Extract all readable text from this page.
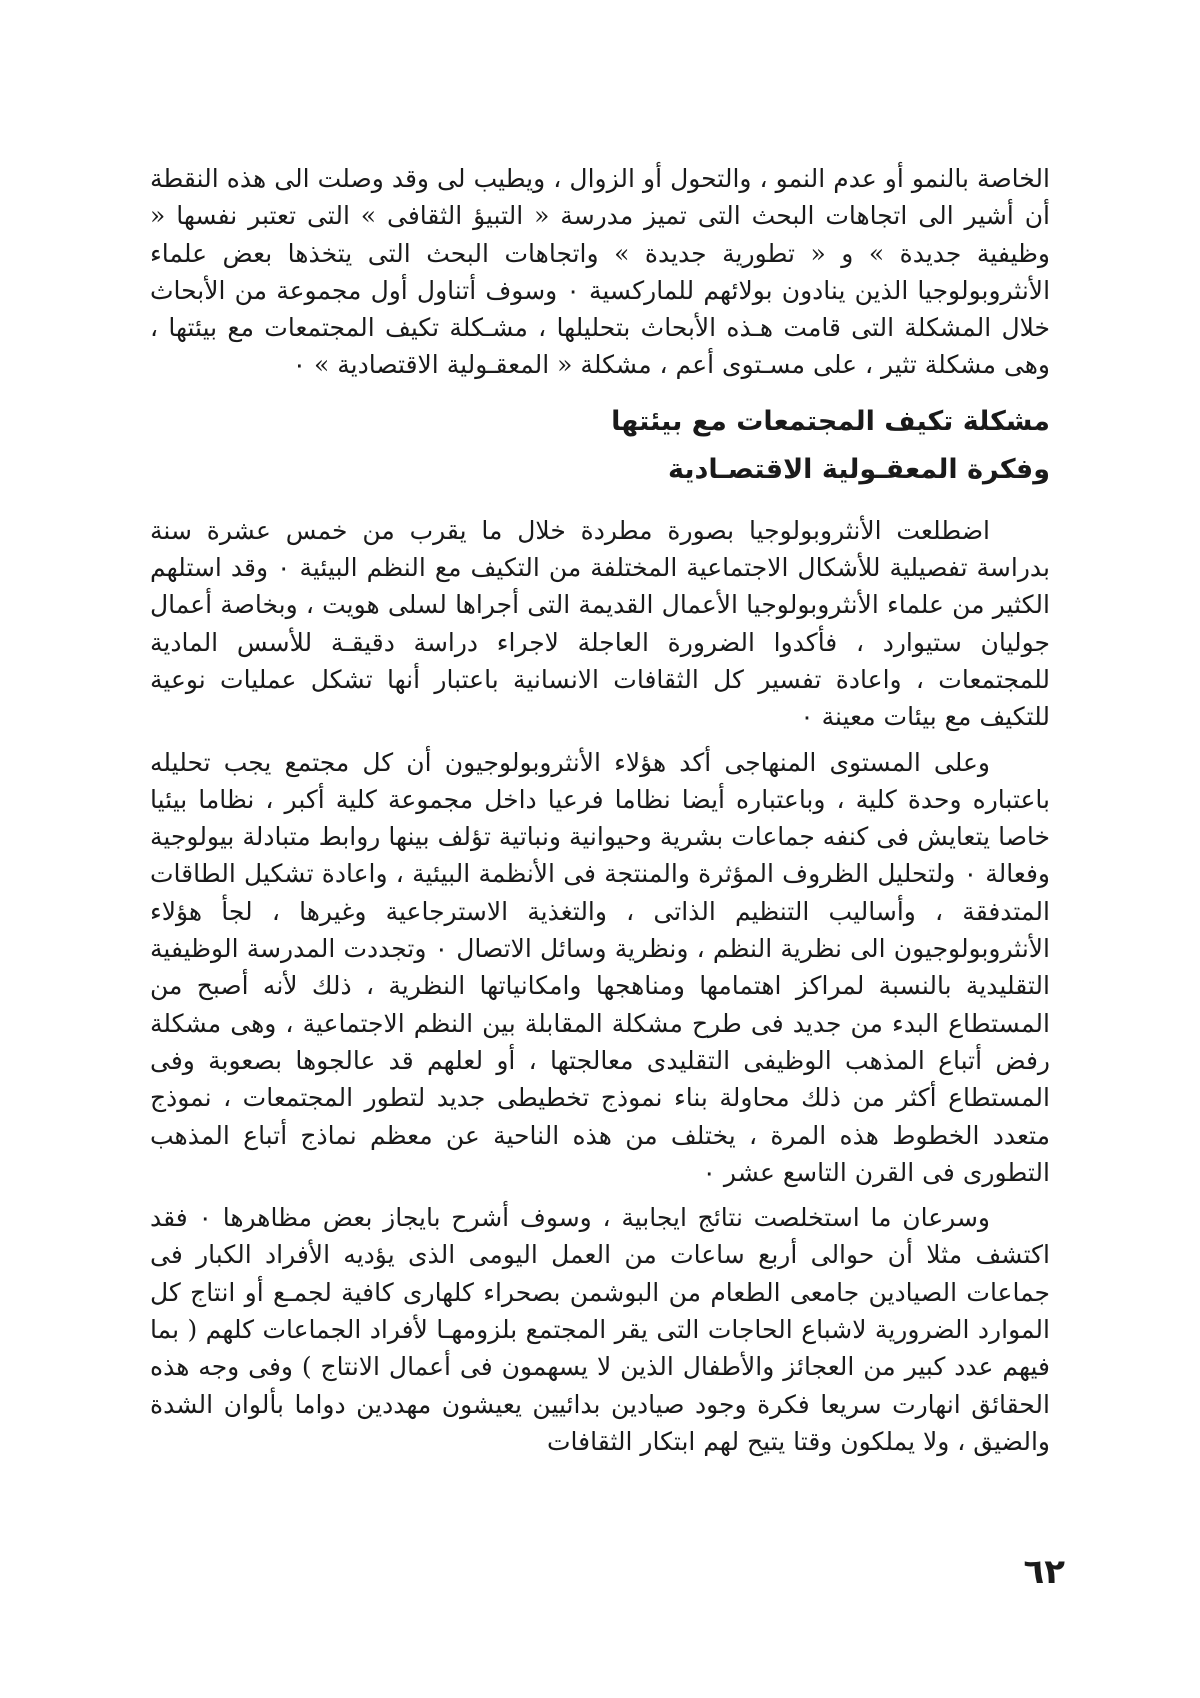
الخاصة بالنمو أو عدم النمو ، والتحول أو الزوال ، ويطيب لى وقد وصلت الى هذه النقطة أن أشير الى اتجاهات البحث التى تميز مدرسة « التبيؤ الثقافى » التى تعتبر نفسها « وظيفية جديدة » و « تطورية جديدة » واتجاهات البحث التى يتخذها بعض علماء الأنثروبولوجيا الذين ينادون بولائهم للماركسية ٠ وسوف أتناول أول مجموعة من الأبحاث خلال المشكلة التى قامت هـذه الأبحاث بتحليلها ، مشـكلة تكيف المجتمعات مع بيئتها ، وهى مشكلة تثير ، على مسـتوى أعم ، مشكلة « المعقـولية الاقتصادية » ٠

مشكلة تكيف المجتمعات مع بيئتها
وفكرة المعقـولية الاقتصـادية

اضطلعت الأنثروبولوجيا بصورة مطردة خلال ما يقرب من خمس عشرة سنة بدراسة تفصيلية للأشكال الاجتماعية المختلفة من التكيف مع النظم البيئية ٠ وقد استلهم الكثير من علماء الأنثروبولوجيا الأعمال القديمة التى أجراها لسلى هويت ، وبخاصة أعمال جوليان ستيوارد ، فأكدوا الضرورة العاجلة لاجراء دراسة دقيقـة للأسس المادية للمجتمعات ، واعادة تفسير كل الثقافات الانسانية باعتبار أنها تشكل عمليات نوعية للتكيف مع بيئات معينة ٠

وعلى المستوى المنهاجى أكد هؤلاء الأنثروبولوجيون أن كل مجتمع يجب تحليله باعتباره وحدة كلية ، وباعتباره أيضا نظاما فرعيا داخل مجموعة كلية أكبر ، نظاما بيئيا خاصا يتعايش فى كنفه جماعات بشرية وحيوانية ونباتية تؤلف بينها روابط متبادلة بيولوجية وفعالة ٠ ولتحليل الظروف المؤثرة والمنتجة فى الأنظمة البيئية ، واعادة تشكيل الطاقات المتدفقة ، وأساليب التنظيم الذاتى ، والتغذية الاسترجاعية وغيرها ، لجأ هؤلاء الأنثروبولوجيون الى نظرية النظم ، ونظرية وسائل الاتصال ٠ وتجددت المدرسة الوظيفية التقليدية بالنسبة لمراكز اهتمامها ومناهجها وامكانياتها النظرية ، ذلك لأنه أصبح من المستطاع البدء من جديد فى طرح مشكلة المقابلة بين النظم الاجتماعية ، وهى مشكلة رفض أتباع المذهب الوظيفى التقليدى معالجتها ، أو لعلهم قد عالجوها بصعوبة وفى المستطاع أكثر من ذلك محاولة بناء نموذج تخطيطى جديد لتطور المجتمعات ، نموذج متعدد الخطوط هذه المرة ، يختلف من هذه الناحية عن معظم نماذج أتباع المذهب التطورى فى القرن التاسع عشر ٠

وسرعان ما استخلصت نتائج ايجابية ، وسوف أشرح بايجاز بعض مظاهرها ٠ فقد اكتشف مثلا أن حوالى أربع ساعات من العمل اليومى الذى يؤديه الأفراد الكبار فى جماعات الصيادين جامعى الطعام من البوشمن بصحراء كلهارى كافية لجمـع أو انتاج كل الموارد الضرورية لاشباع الحاجات التى يقر المجتمع بلزومهـا لأفراد الجماعات كلهم ( بما فيهم عدد كبير من العجائز والأطفال الذين لا يسهمون فى أعمال الانتاج ) وفى وجه هذه الحقائق انهارت سريعا فكرة وجود صيادين بدائيين يعيشون مهددين دواما بألوان الشدة والضيق ، ولا يملكون وقتا يتيح لهم ابتكار الثقافات

٦٢
